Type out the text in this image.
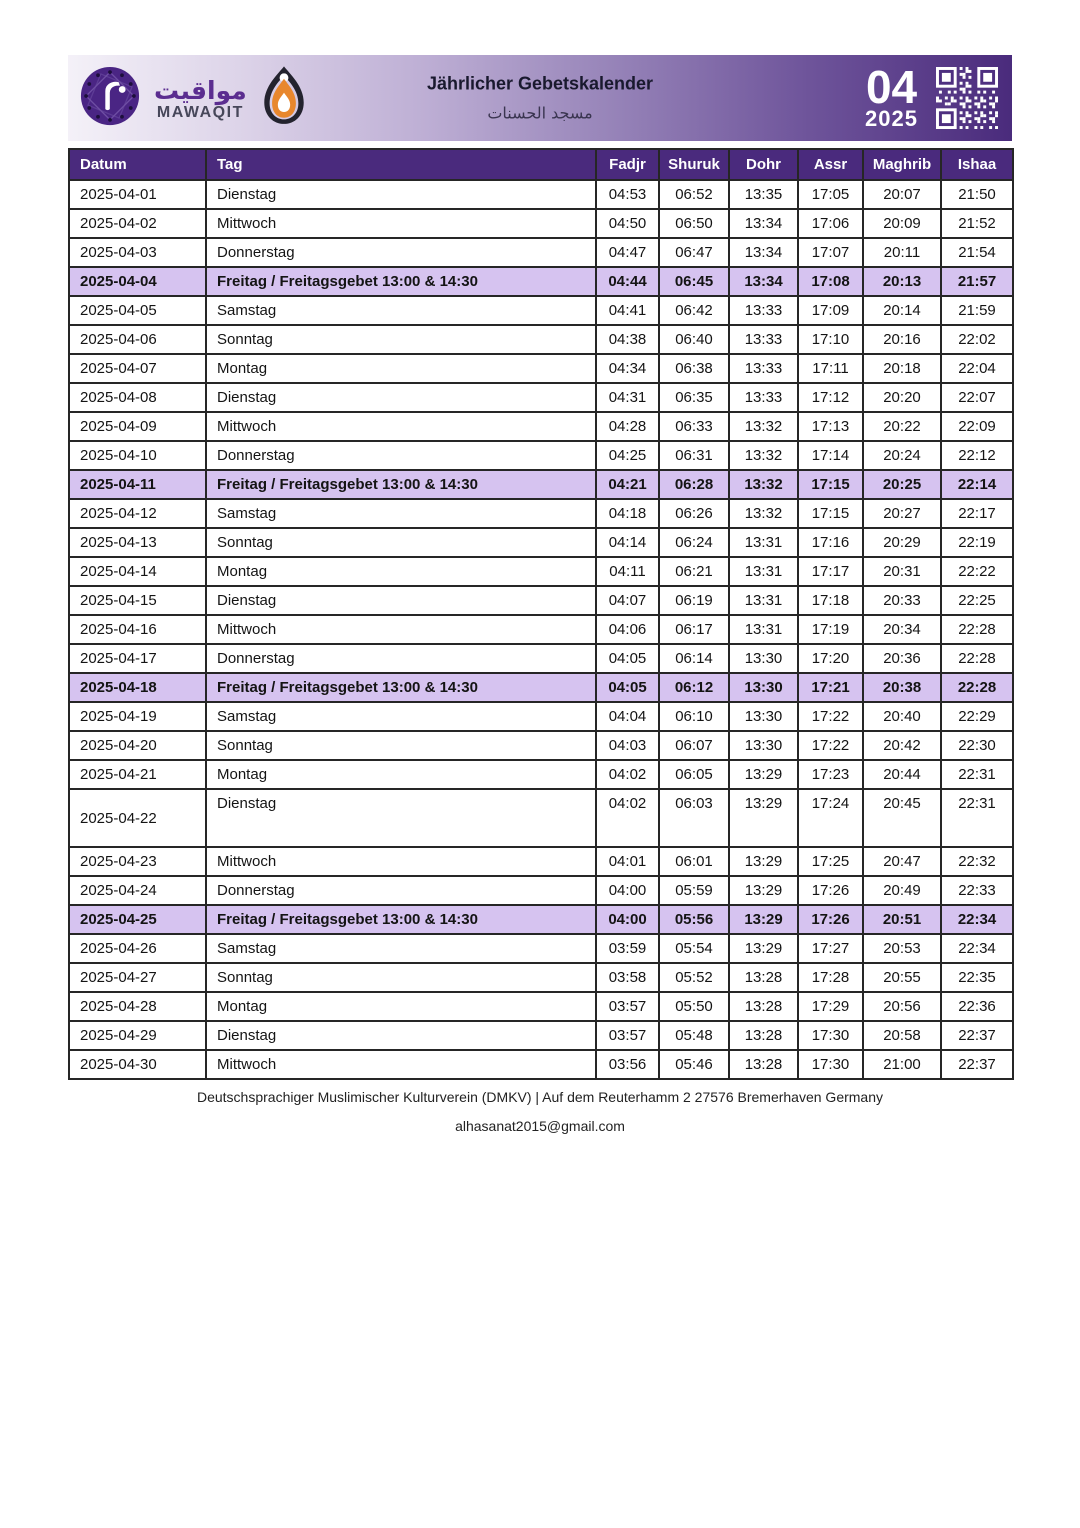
مواقيت
MAWAQIT
Jährlicher Gebetskalender
مسجد الحسنات
04
2025
Datum	Tag	Fadjr	Shuruk	Dohr	Assr	Maghrib	Ishaa
2025-04-01	Dienstag	04:53	06:52	13:35	17:05	20:07	21:50
2025-04-02	Mittwoch	04:50	06:50	13:34	17:06	20:09	21:52
2025-04-03	Donnerstag	04:47	06:47	13:34	17:07	20:11	21:54
2025-04-04	Freitag / Freitagsgebet 13:00 & 14:30	04:44	06:45	13:34	17:08	20:13	21:57
2025-04-05	Samstag	04:41	06:42	13:33	17:09	20:14	21:59
2025-04-06	Sonntag	04:38	06:40	13:33	17:10	20:16	22:02
2025-04-07	Montag	04:34	06:38	13:33	17:11	20:18	22:04
2025-04-08	Dienstag	04:31	06:35	13:33	17:12	20:20	22:07
2025-04-09	Mittwoch	04:28	06:33	13:32	17:13	20:22	22:09
2025-04-10	Donnerstag	04:25	06:31	13:32	17:14	20:24	22:12
2025-04-11	Freitag / Freitagsgebet 13:00 & 14:30	04:21	06:28	13:32	17:15	20:25	22:14
2025-04-12	Samstag	04:18	06:26	13:32	17:15	20:27	22:17
2025-04-13	Sonntag	04:14	06:24	13:31	17:16	20:29	22:19
2025-04-14	Montag	04:11	06:21	13:31	17:17	20:31	22:22
2025-04-15	Dienstag	04:07	06:19	13:31	17:18	20:33	22:25
2025-04-16	Mittwoch	04:06	06:17	13:31	17:19	20:34	22:28
2025-04-17	Donnerstag	04:05	06:14	13:30	17:20	20:36	22:28
2025-04-18	Freitag / Freitagsgebet 13:00 & 14:30	04:05	06:12	13:30	17:21	20:38	22:28
2025-04-19	Samstag	04:04	06:10	13:30	17:22	20:40	22:29
2025-04-20	Sonntag	04:03	06:07	13:30	17:22	20:42	22:30
2025-04-21	Montag	04:02	06:05	13:29	17:23	20:44	22:31
2025-04-22	Dienstag	04:02	06:03	13:29	17:24	20:45	22:31
2025-04-23	Mittwoch	04:01	06:01	13:29	17:25	20:47	22:32
2025-04-24	Donnerstag	04:00	05:59	13:29	17:26	20:49	22:33
2025-04-25	Freitag / Freitagsgebet 13:00 & 14:30	04:00	05:56	13:29	17:26	20:51	22:34
2025-04-26	Samstag	03:59	05:54	13:29	17:27	20:53	22:34
2025-04-27	Sonntag	03:58	05:52	13:28	17:28	20:55	22:35
2025-04-28	Montag	03:57	05:50	13:28	17:29	20:56	22:36
2025-04-29	Dienstag	03:57	05:48	13:28	17:30	20:58	22:37
2025-04-30	Mittwoch	03:56	05:46	13:28	17:30	21:00	22:37
Deutschsprachiger Muslimischer Kulturverein (DMKV) | Auf dem Reuterhamm 2 27576 Bremerhaven Germany
alhasanat2015@gmail.com
